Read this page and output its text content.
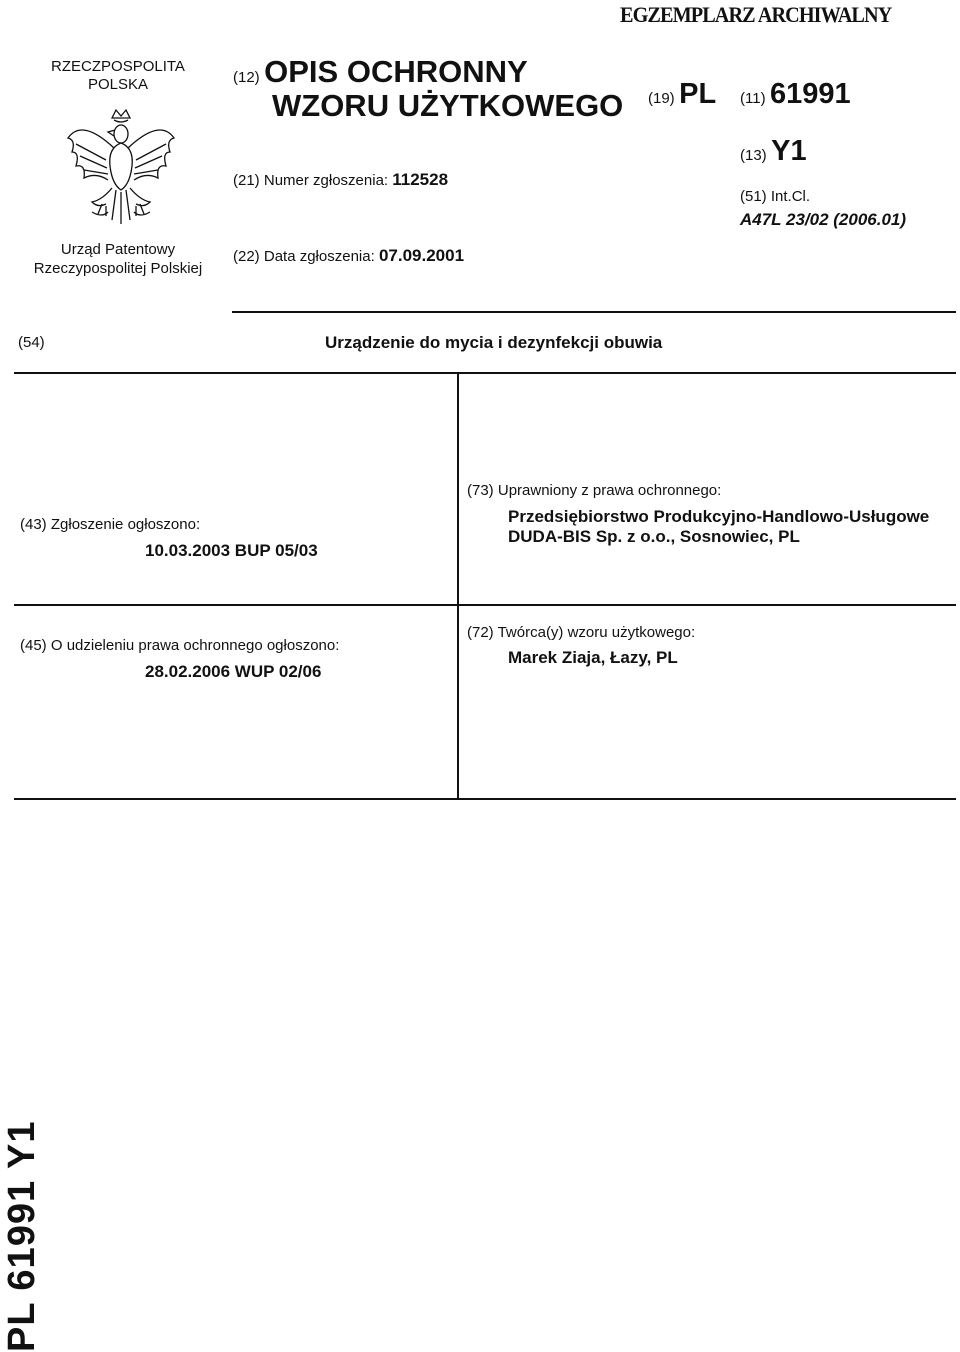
EGZEMPLARZ ARCHIWALNY
RZECZPOSPOLITA
POLSKA
Urząd Patentowy
Rzeczypospolitej Polskiej
(12) OPIS OCHRONNY
WZORU UŻYTKOWEGO
(21) Numer zgłoszenia: 112528
(22) Data zgłoszenia: 07.09.2001
(19) PL (11) 61991
(13) Y1
(51) Int.Cl.
A47L 23/02 (2006.01)
(54)	Urządzenie do mycia i dezynfekcji obuwia
(43) Zgłoszenie ogłoszono:
10.03.2003 BUP 05/03
(73) Uprawniony z prawa ochronnego:
Przedsiębiorstwo Produkcyjno-Handlowo-Usługowe
DUDA-BIS Sp. z o.o., Sosnowiec, PL
(45) O udzieleniu prawa ochronnego ogłoszono:
28.02.2006 WUP 02/06
(72) Twórca(y) wzoru użytkowego:
Marek Ziaja, Łazy, PL
PL 61991 Y1
